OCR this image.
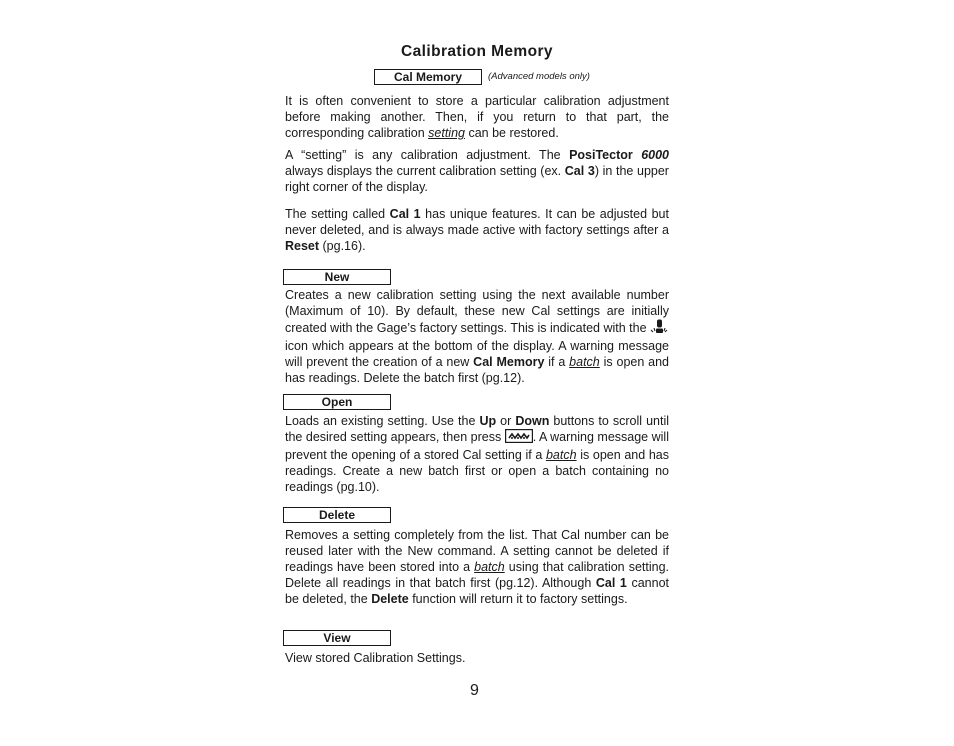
Calibration Memory
Cal Memory	(Advanced models only)
It is often convenient to store a particular calibration adjustment before making another. Then, if you return to that part, the corresponding calibration setting can be restored.
A “setting” is any calibration adjustment. The PosiTector 6000 always displays the current calibration setting (ex. Cal 3) in the upper right corner of the display.
The setting called Cal 1 has unique features. It can be adjusted but never deleted, and is always made active with factory settings after a Reset (pg.16).
New
Creates a new calibration setting using the next available number (Maximum of 10). By default, these new Cal settings are initially created with the Gage’s factory settings. This is indicated with the  icon which appears at the bottom of the display. A warning message will prevent the creation of a new Cal Memory if a batch is open and has readings. Delete the batch first (pg.12).
Open
Loads an existing setting. Use the Up or Down buttons to scroll until the desired setting appears, then press . A warning message will prevent the opening of a stored Cal setting if a batch is open and has readings. Create a new batch first or open a batch containing no readings (pg.10).
Delete
Removes a setting completely from the list. That Cal number can be reused later with the New command. A setting cannot be deleted if readings have been stored into a batch using that calibration setting. Delete all readings in that batch first (pg.12). Although Cal 1 cannot be deleted, the Delete function will return it to factory settings.
View
View stored Calibration Settings.
9
